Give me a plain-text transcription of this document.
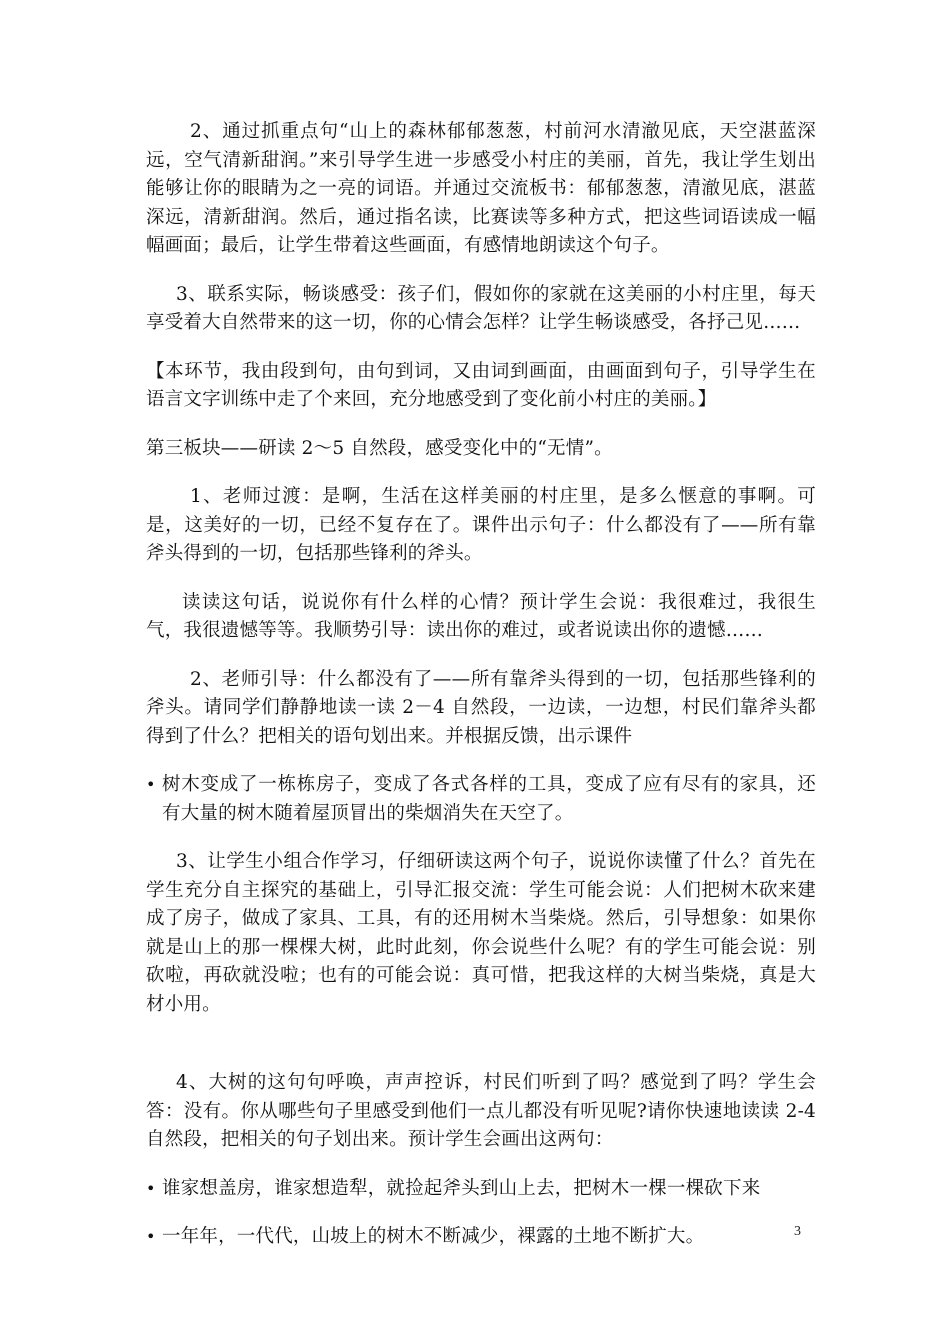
2、通过抓重点句“山上的森林郁郁葱葱，村前河水清澈见底，天空湛蓝深远，空气清新甜润。”来引导学生进一步感受小村庄的美丽，首先，我让学生划出能够让你的眼睛为之一亮的词语。并通过交流板书：郁郁葱葱，清澈见底，湛蓝深远，清新甜润。然后，通过指名读，比赛读等多种方式，把这些词语读成一幅幅画面；最后，让学生带着这些画面，有感情地朗读这个句子。

3、联系实际，畅谈感受：孩子们，假如你的家就在这美丽的小村庄里，每天享受着大自然带来的这一切，你的心情会怎样？让学生畅谈感受，各抒己见……

【本环节，我由段到句，由句到词，又由词到画面，由画面到句子，引导学生在语言文字训练中走了个来回，充分地感受到了变化前小村庄的美丽。】

第三板块——研读 2～5 自然段，感受变化中的“无情”。

1、老师过渡：是啊，生活在这样美丽的村庄里，是多么惬意的事啊。可是，这美好的一切，已经不复存在了。课件出示句子：什么都没有了——所有靠斧头得到的一切，包括那些锋利的斧头。

读读这句话，说说你有什么样的心情？预计学生会说：我很难过，我很生气，我很遗憾等等。我顺势引导：读出你的难过，或者说读出你的遗憾……

2、老师引导：什么都没有了——所有靠斧头得到的一切，包括那些锋利的斧头。请同学们静静地读一读 2－4 自然段，一边读，一边想，村民们靠斧头都得到了什么？把相关的语句划出来。并根据反馈，出示课件

• 树木变成了一栋栋房子，变成了各式各样的工具，变成了应有尽有的家具，还有大量的树木随着屋顶冒出的柴烟消失在天空了。

3、让学生小组合作学习，仔细研读这两个句子，说说你读懂了什么？首先在学生充分自主探究的基础上，引导汇报交流：学生可能会说：人们把树木砍来建成了房子，做成了家具、工具，有的还用树木当柴烧。然后，引导想象：如果你就是山上的那一棵棵大树，此时此刻，你会说些什么呢？有的学生可能会说：别砍啦，再砍就没啦；也有的可能会说：真可惜，把我这样的大树当柴烧，真是大材小用。

4、大树的这句句呼唤，声声控诉，村民们听到了吗？感觉到了吗？学生会答：没有。你从哪些句子里感受到他们一点儿都没有听见呢?请你快速地读读 2-4 自然段，把相关的句子划出来。预计学生会画出这两句：

• 谁家想盖房，谁家想造犁，就捡起斧头到山上去，把树木一棵一棵砍下来
• 一年年，一代代，山坡上的树木不断减少，裸露的土地不断扩大。	3
